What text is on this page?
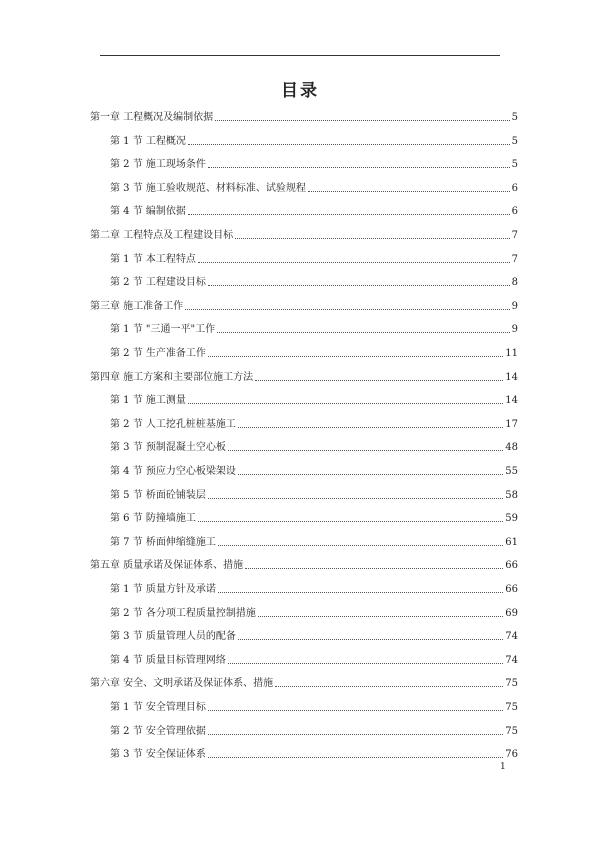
目录
第一章 工程概况及编制依据	5
第 1 节 工程概况	5
第 2 节 施工现场条件	5
第 3 节 施工验收规范、材料标准、试验规程	6
第 4 节 编制依据	6
第二章 工程特点及工程建设目标	7
第 1 节 本工程特点	7
第 2 节 工程建设目标	8
第三章 施工准备工作	9
第 1 节 "三通一平"工作	9
第 2 节 生产准备工作	11
第四章 施工方案和主要部位施工方法	14
第 1 节 施工测量	14
第 2 节 人工挖孔桩桩基施工	17
第 3 节 预制混凝土空心板	48
第 4 节 预应力空心板梁架设	55
第 5 节 桥面砼铺装层	58
第 6 节 防撞墙施工	59
第 7 节 桥面伸缩缝施工	61
第五章 质量承诺及保证体系、措施	66
第 1 节 质量方针及承诺	66
第 2 节 各分项工程质量控制措施	69
第 3 节 质量管理人员的配备	74
第 4 节 质量目标管理网络	74
第六章 安全、文明承诺及保证体系、措施	75
第 1 节 安全管理目标	75
第 2 节 安全管理依据	75
第 3 节 安全保证体系	76
1
